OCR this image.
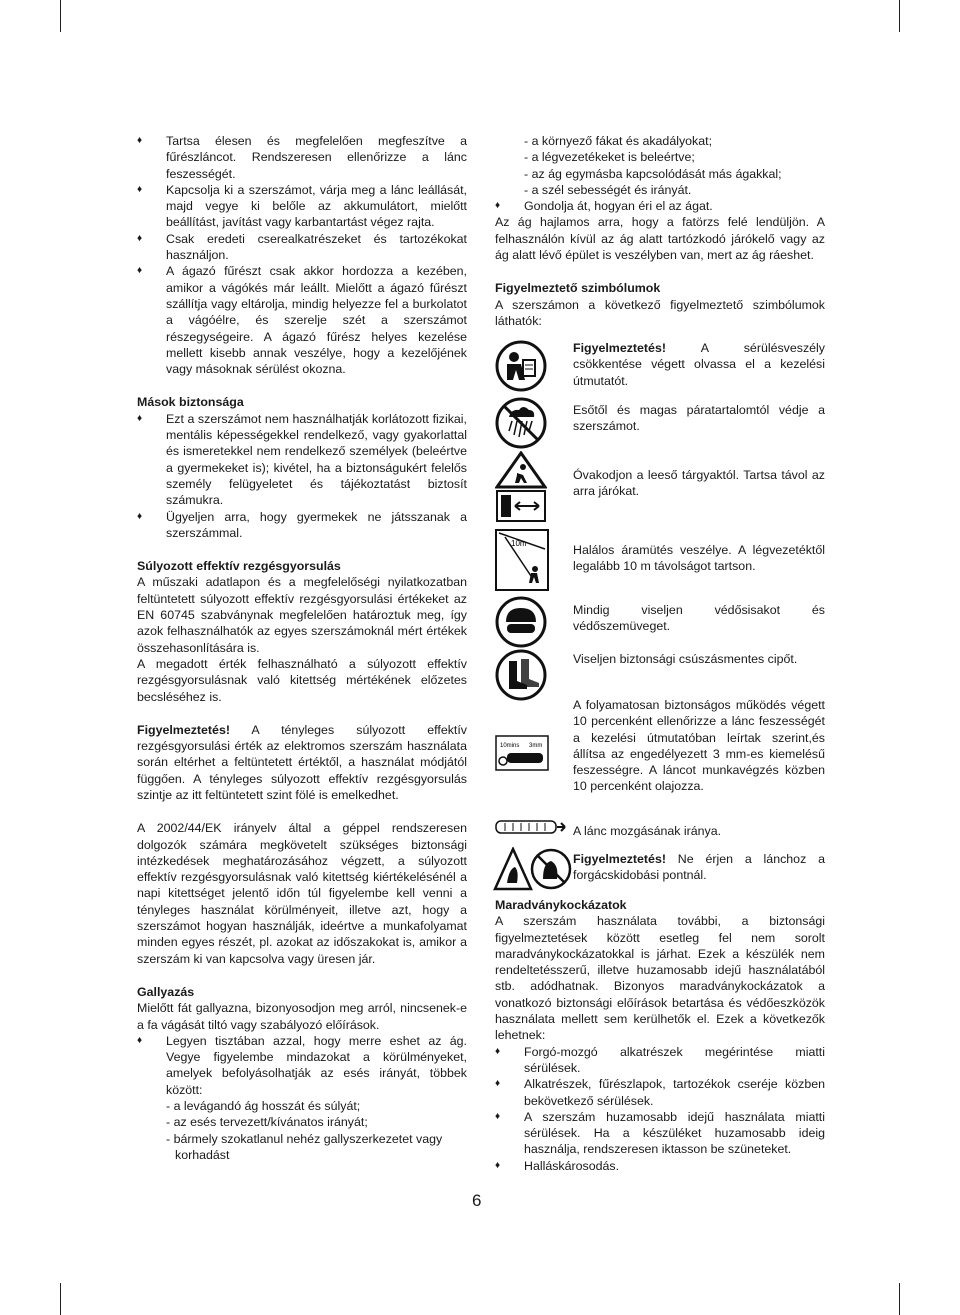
♦ Tartsa élesen és megfelelően megfeszítve a fűrészláncot. Rendszeresen ellenőrizze a lánc feszességét.
♦ Kapcsolja ki a szerszámot, várja meg a lánc leállását, majd vegye ki belőle az akkumulátort, mielőtt beállítást, javítást vagy karbantartást végez rajta.
♦ Csak eredeti cserealkatrészeket és tartozékokat használjon.
♦ A ágazó fűrészt csak akkor hordozza a kezében, amikor a vágókés már leállt. Mielőtt a ágazó fűrészt szállítja vagy eltárolja, mindig helyezze fel a burkolatot a vágóélre, és szerelje szét a szerszámot részegységeire. A ágazó fűrész helyes kezelése mellett kisebb annak veszélye, hogy a kezelőjének vagy másoknak sérülést okozna.
Mások biztonsága
♦ Ezt a szerszámot nem használhatják korlátozott fizikai, mentális képességekkel rendelkező, vagy gyakorlattal és ismeretekkel nem rendelkező személyek (beleértve a gyermekeket is); kivétel, ha a biztonságukért felelős személy felügyeletet és tájékoztatást biztosít számukra.
♦ Ügyeljen arra, hogy gyermekek ne játsszanak a szerszámmal.
Súlyozott effektív rezgésgyorsulás

A műszaki adatlapon és a megfelelőségi nyilatkozatban feltüntetett súlyozott effektív rezgésgyorsulási értékeket az EN 60745 szabványnak megfelelően határoztuk meg, így azok felhasználhatók az egyes szerszámoknál mért értékek összehasonlítására is.

A megadott érték felhasználható a súlyozott effektív rezgésgyorsulásnak való kitettség mértékének előzetes becsléséhez is.

Figyelmeztetés! A tényleges súlyozott effektív rezgésgyorsulási érték az elektromos szerszám használata során eltérhet a feltüntetett értéktől, a használat módjától függően. A tényleges súlyozott effektív rezgésgyorsulás szintje az itt feltüntetett szint fölé is emelkedhet.

A 2002/44/EK irányelv által a géppel rendszeresen dolgozók számára megkövetelt szükséges biztonsági intézkedések meghatározásához végzett, a súlyozott effektív rezgésgyorsulásnak való kitettség kiértékelésénél a napi kitettséget jelentő időn túl figyelembe kell venni a tényleges használat körülményeit, illetve azt, hogy a szerszámot hogyan használják, ideértve a munkafolyamat minden egyes részét, pl. azokat az időszakokat is, amikor a szerszám ki van kapcsolva vagy üresen jár.

Gallyazás

Mielőtt fát gallyazna, bizonyosodjon meg arról, nincsenek-e a fa vágását tiltó vagy szabályozó előírások.

♦ Legyen tisztában azzal, hogy merre eshet az ág. Vegye figyelembe mindazokat a körülményeket, amelyek befolyásolhatják az esés irányát, többek között:
- a levágandó ág hosszát és súlyát;
- az esés tervezett/kívánatos irányát;
- bármely szokatlanul nehéz gallyszerkezetet vagy korhadást
- a környező fákat és akadályokat;
- a légvezetékeket is beleértve;
- az ág egymásba kapcsolódását más ágakkal;
- a szél sebességét és irányát.
♦ Gondolja át, hogyan éri el az ágat.

Az ág hajlamos arra, hogy a fatörzs felé lendüljön. A felhasználón kívül az ág alatt tartózkodó járókelő vagy az ág alatt lévő épület is veszélyben van, mert az ág ráeshet.

Figyelmeztető szimbólumok

A szerszámon a következő figyelmeztető szimbólumok láthatók:

10m
10mins 3mm

Figyelmeztetés! A sérülésveszély csökkentése végett olvassa el a kezelési útmutatót.

Esőtől és magas páratartalomtól védje a szerszámot.

Óvakodjon a leeső tárgyaktól. Tartsa távol az arra járókat.

Halálos áramütés veszélye. A légvezetéktől legalább 10 m távolságot tartson.

Mindig viseljen védősisakot és védőszemüveget.

Viseljen biztonsági csúszásmentes cipőt.

A folyamatosan biztonságos működés végett 10 percenként ellenőrizze a lánc feszességét a kezelési útmutatóban leírtak szerint,és állítsa az engedélyezett 3 mm-es kiemelésű feszességre. A láncot munkavégzés közben 10 percenként olajozza.

A lánc mozgásának iránya.

Figyelmeztetés! Ne érjen a lánchoz a forgácskidobási pontnál.

Maradványkockázatok

A szerszám használata további, a biztonsági figyelmeztetések között esetleg fel nem sorolt maradványkockázatokkal is járhat. Ezek a készülék nem rendeltetésszerű, illetve huzamosabb idejű használatából stb. adódhatnak. Bizonyos maradványkockázatok a vonatkozó biztonsági előírások betartása és védőeszközök használata mellett sem kerülhetők el. Ezek a következők lehetnek:

♦ Forgó-mozgó alkatrészek megérintése miatti sérülések.
♦ Alkatrészek, fűrészlapok, tartozékok cseréje közben bekövetkező sérülések.
♦ A szerszám huzamosabb idejű használata miatti sérülések. Ha a készüléket huzamosabb ideig használja, rendszeresen iktasson be szüneteket.
♦ Halláskárosodás.
6
